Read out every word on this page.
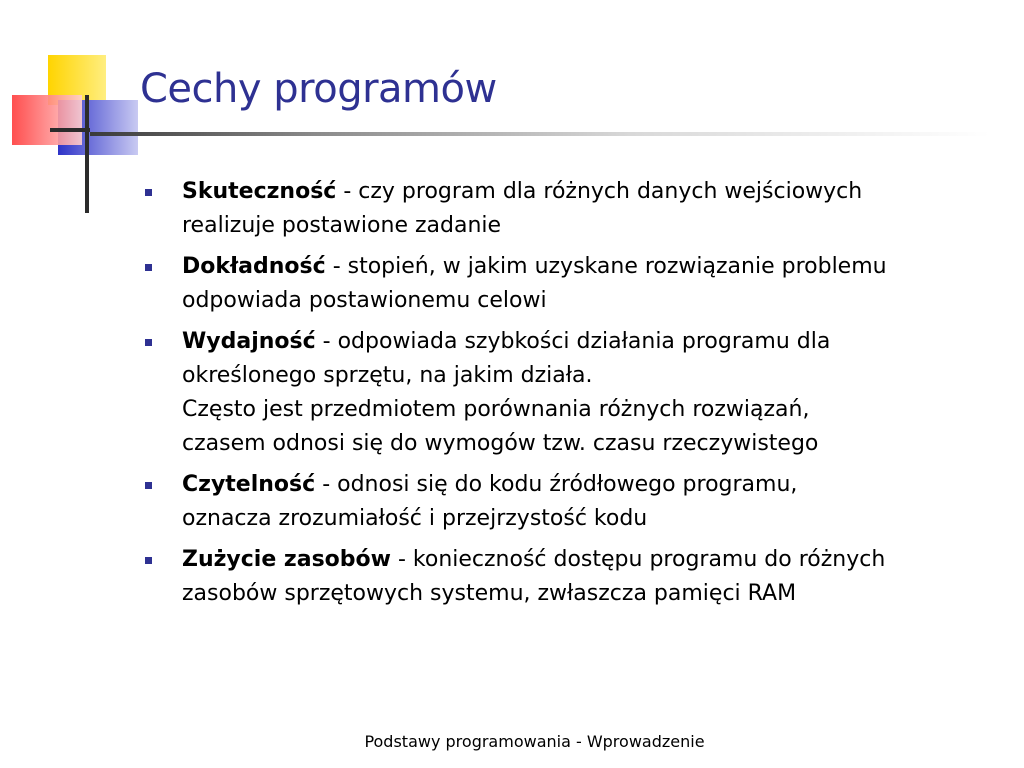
Cechy programów
Skuteczność - czy program dla różnych danych wejściowych
realizuje postawione zadanie
Dokładność - stopień, w jakim uzyskane rozwiązanie problemu
odpowiada postawionemu celowi
Wydajność - odpowiada szybkości działania programu dla
określonego sprzętu, na jakim działa.
Często jest przedmiotem porównania różnych rozwiązań,
czasem odnosi się do wymogów tzw. czasu rzeczywistego
Czytelność - odnosi się do kodu źródłowego programu,
oznacza zrozumiałość i przejrzystość kodu
Zużycie zasobów - konieczność dostępu programu do różnych
zasobów sprzętowych systemu, zwłaszcza pamięci RAM
Podstawy programowania - Wprowadzenie
